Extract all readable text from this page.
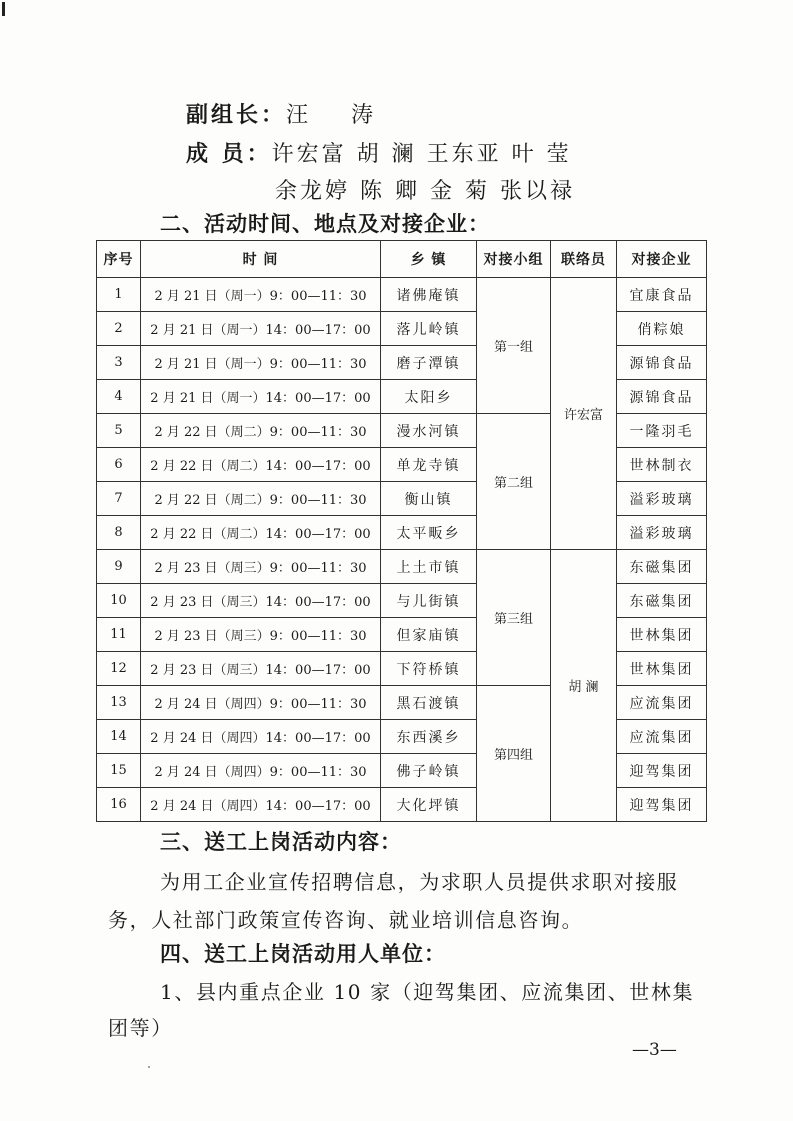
副组长：汪 涛
成 员：许宏富 胡 澜 王东亚 叶 莹
余龙婷 陈 卿 金 菊 张以禄
二、活动时间、地点及对接企业：
序号	时 间	乡 镇	对接小组	联络员	对接企业
1	2 月 21 日（周一）9：00—11：30	诸佛庵镇	第一组	许宏富	宜康食品
2	2 月 21 日（周一）14：00—17：00	落儿岭镇			俏粽娘
3	2 月 21 日（周一）9：00—11：30	磨子潭镇			源锦食品
4	2 月 21 日（周一）14：00—17：00	太阳乡			源锦食品
5	2 月 22 日（周二）9：00—11：30	漫水河镇	第二组		一隆羽毛
6	2 月 22 日（周二）14：00—17：00	单龙寺镇			世林制衣
7	2 月 22 日（周二）9：00—11：30	衡山镇			溢彩玻璃
8	2 月 22 日（周二）14：00—17：00	太平畈乡			溢彩玻璃
9	2 月 23 日（周三）9：00—11：30	上土市镇	第三组	胡 澜	东磁集团
10	2 月 23 日（周三）14：00—17：00	与儿街镇			东磁集团
11	2 月 23 日（周三）9：00—11：30	但家庙镇			世林集团
12	2 月 23 日（周三）14：00—17：00	下符桥镇			世林集团
13	2 月 24 日（周四）9：00—11：30	黑石渡镇	第四组		应流集团
14	2 月 24 日（周四）14：00—17：00	东西溪乡			应流集团
15	2 月 24 日（周四）9：00—11：30	佛子岭镇			迎驾集团
16	2 月 24 日（周四）14：00—17：00	大化坪镇			迎驾集团
三、送工上岗活动内容：
为用工企业宣传招聘信息，为求职人员提供求职对接服
务，人社部门政策宣传咨询、就业培训信息咨询。
四、送工上岗活动用人单位：
1、县内重点企业 10 家（迎驾集团、应流集团、世林集
团等）
—3—
